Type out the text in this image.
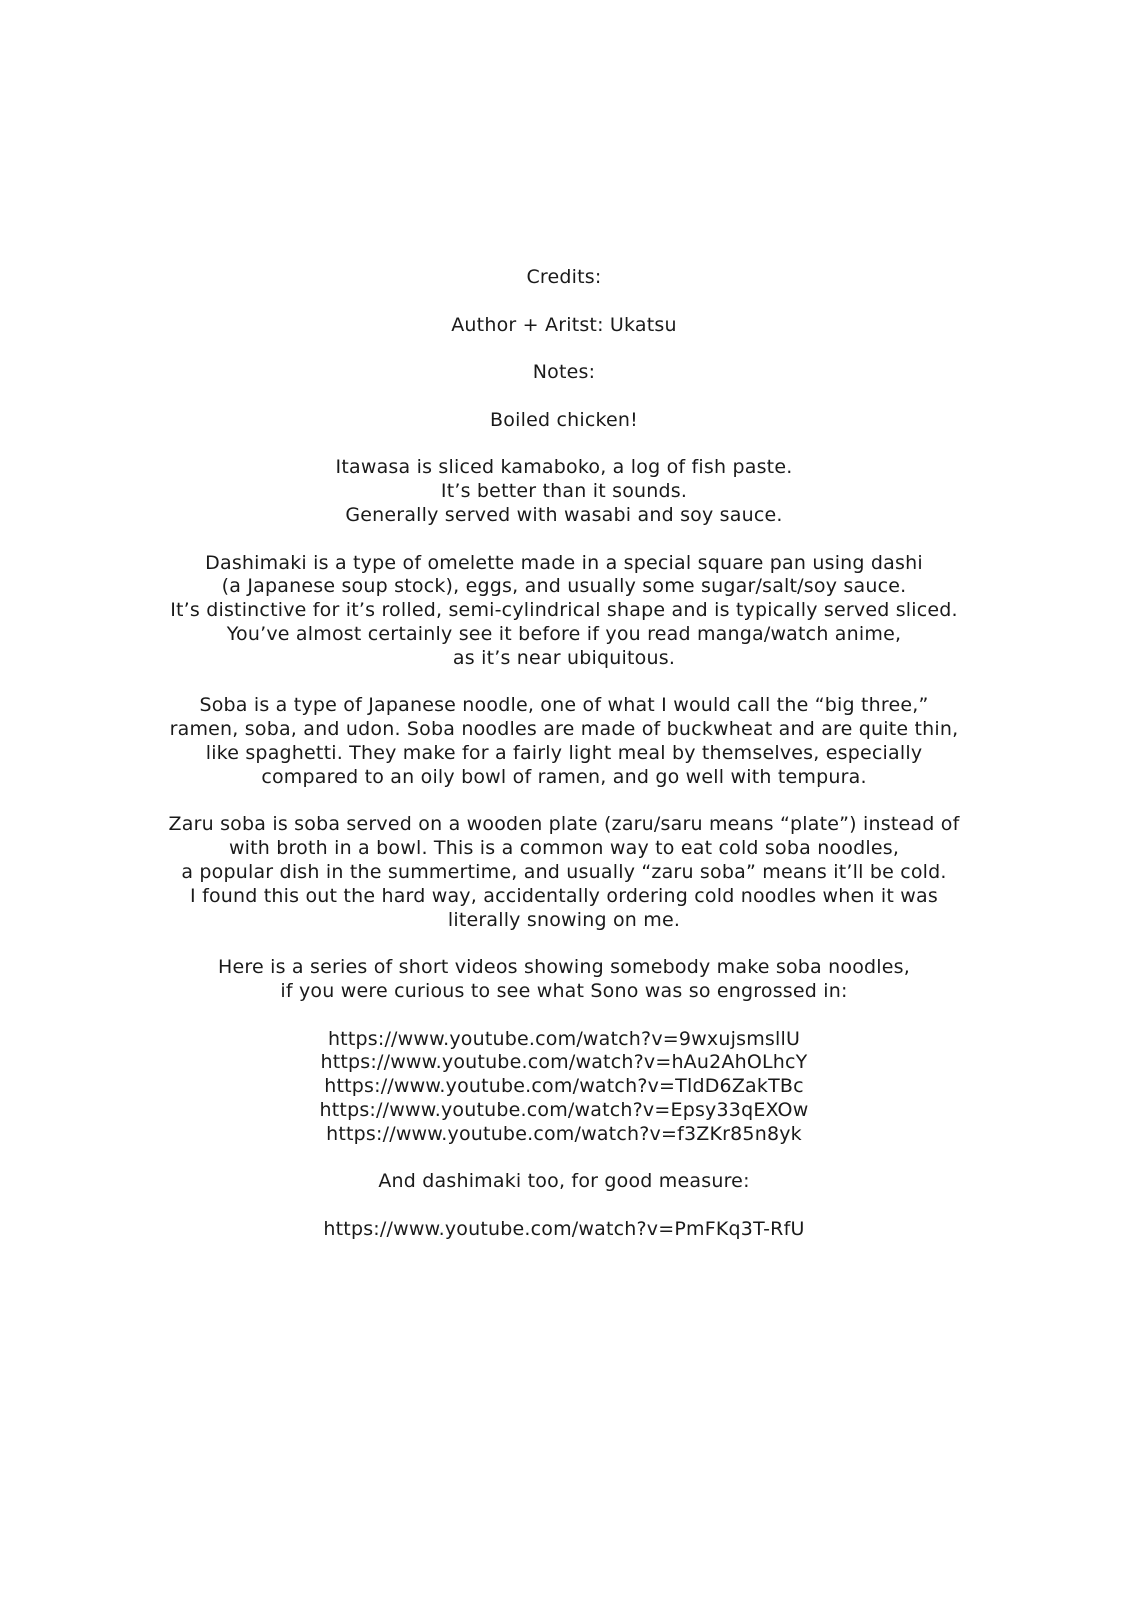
Credits:

Author + Aritst: Ukatsu

Notes:

Boiled chicken!

Itawasa is sliced kamaboko, a log of fish paste.
It’s better than it sounds.
Generally served with wasabi and soy sauce.

Dashimaki is a type of omelette made in a special square pan using dashi
(a Japanese soup stock), eggs, and usually some sugar/salt/soy sauce.
It’s distinctive for it’s rolled, semi-cylindrical shape and is typically served sliced.
You’ve almost certainly see it before if you read manga/watch anime,
as it’s near ubiquitous.

Soba is a type of Japanese noodle, one of what I would call the “big three,”
ramen, soba, and udon. Soba noodles are made of buckwheat and are quite thin,
like spaghetti. They make for a fairly light meal by themselves, especially
compared to an oily bowl of ramen, and go well with tempura.

Zaru soba is soba served on a wooden plate (zaru/saru means “plate”) instead of
with broth in a bowl. This is a common way to eat cold soba noodles,
a popular dish in the summertime, and usually “zaru soba” means it’ll be cold.
I found this out the hard way, accidentally ordering cold noodles when it was
literally snowing on me.

Here is a series of short videos showing somebody make soba noodles,
if you were curious to see what Sono was so engrossed in:

https://www.youtube.com/watch?v=9wxujsmsllU
https://www.youtube.com/watch?v=hAu2AhOLhcY
https://www.youtube.com/watch?v=TldD6ZakTBc
https://www.youtube.com/watch?v=Epsy33qEXOw
https://www.youtube.com/watch?v=f3ZKr85n8yk

And dashimaki too, for good measure:

https://www.youtube.com/watch?v=PmFKq3T-RfU
